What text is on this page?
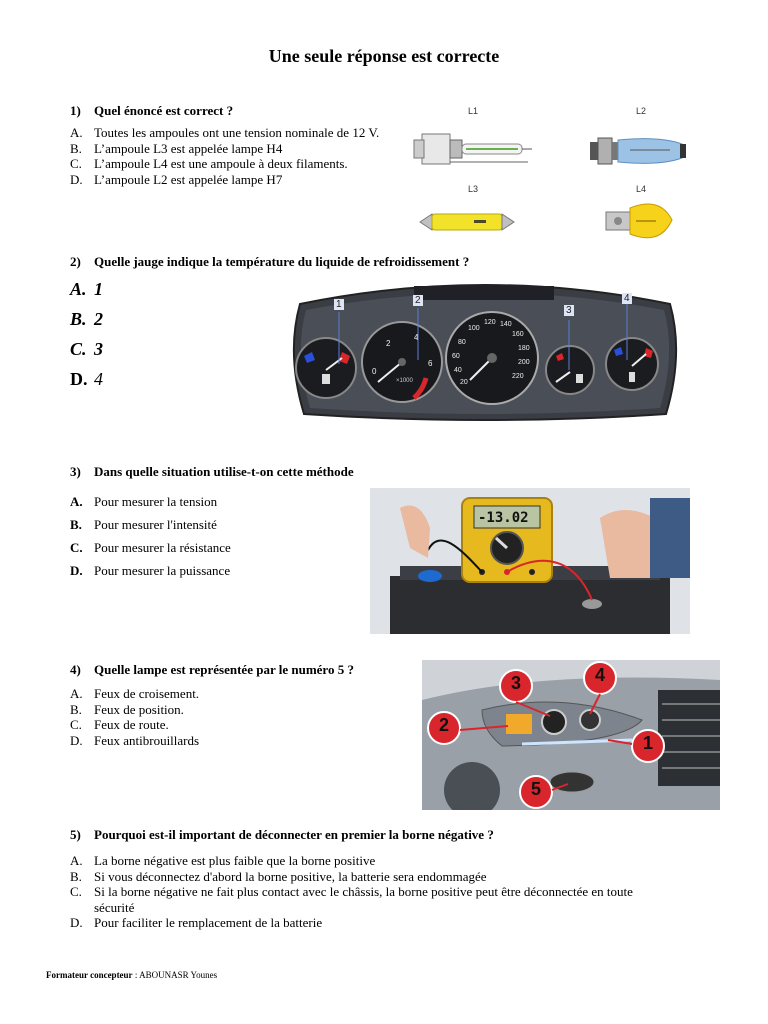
Une seule réponse est correcte
1) Quel énoncé est correct ?
A. Toutes les ampoules ont une tension nominale de 12 V.
B. L’ampoule L3 est appelée lampe H4
C. L’ampoule L4 est une ampoule à deux filaments.
D. L’ampoule L2 est appelée lampe H7
L1	L2
L3	L4
2) Quelle jauge indique la température du liquide de refroidissement ?
A. 1
B. 2
C. 3
D. 4
2
4
6
0
×1000
100
120 140
160
180
200
220
80
60
40
20
1	2
3
4
3) Dans quelle situation utilise-t-on cette méthode
A. Pour mesurer la tension
B. Pour mesurer l'intensité
C. Pour mesurer la résistance
D. Pour mesurer la puissance
-13.02
4) Quelle lampe est représentée par le numéro 5 ?
A. Feux de croisement.
B. Feux de position.
C. Feux de route.
D. Feux antibrouillards
3	4
2
1
5
5) Pourquoi est-il important de déconnecter en premier la borne négative ?
A. La borne négative est plus faible que la borne positive
B. Si vous déconnectez d'abord la borne positive, la batterie sera endommagée
C. Si la borne négative ne fait plus contact avec le châssis, la borne positive peut être déconnectée en toute
sécurité
D. Pour faciliter le remplacement de la batterie
Formateur concepteur : ABOUNASR Younes
